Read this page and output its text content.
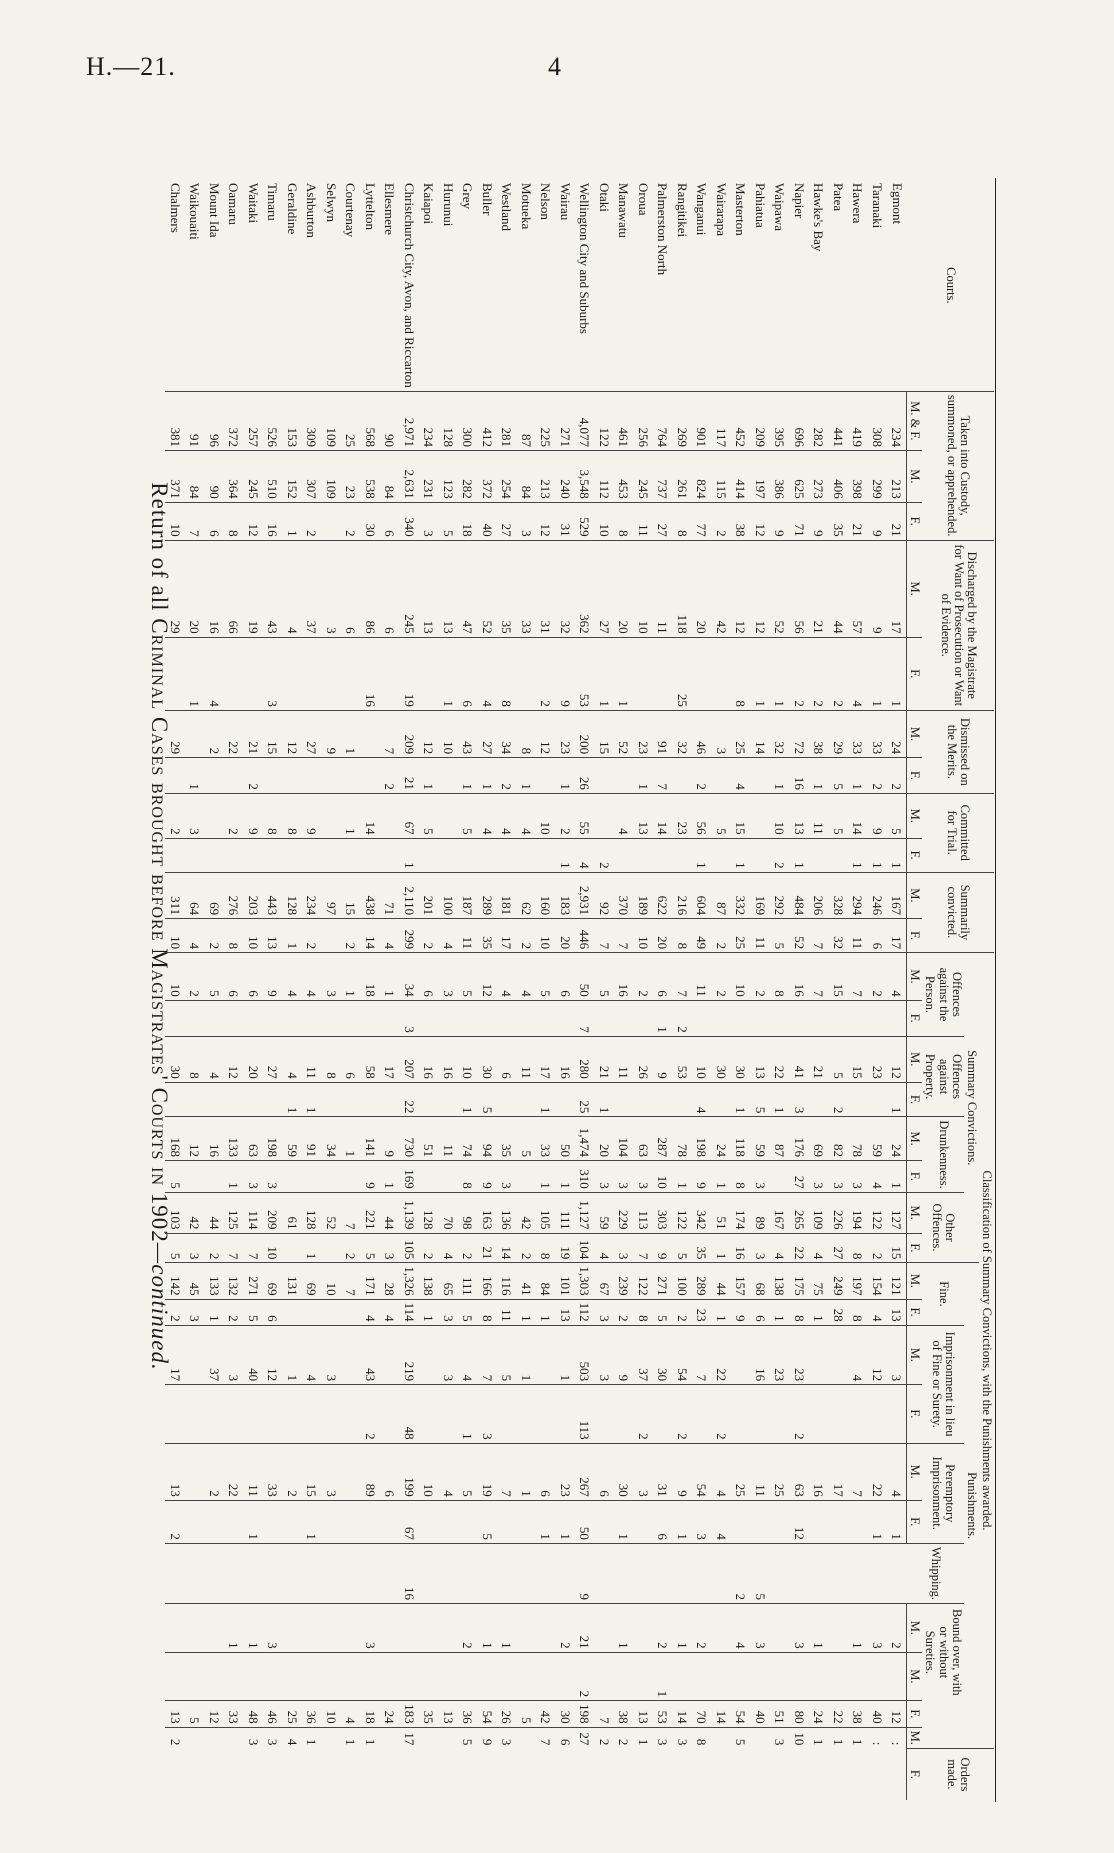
H.—21.	4
Return of all Criminal Cases brought before Magistrates' Courts in 1902—continued.
Courts.	Taken into Custody, summoned, or apprehended.			Discharged by the Magistrate for Want of Prosecution or Want of Evidence.		Dismissed on the Merits.		Committed for Trial.		Summarily convicted.		Classification of Summary Convictions, with the Punishments awarded.																			Orders made.
												Summary Convictions.								Punishments.											
												Offences against the Person.		Offences against Property.		Drunkenness.		Other Offences.		Fine.		Imprisonment in lieu of Fine or Surety.		Peremptory Imprisonment.		Whipping.	Bound over, with or without Sureties.				
	M. & F.	M.	F.	M.	F.	M.	F.	M.	F.	M.	F.	M.	F.	M.	F.	M.	F.	M.	F.	M.	F.	M.	F.	M.	F.		M.	M.	F.	M.	F.
Egmont	234	213	21	17	1	24	2	5	1	167	17	4		12	1	24	1	127	15	121	13	3		4	1		2		12	:	
Taranaki	308	299	9	9	1	33	2	9	1	246	6	2		23		59	4	122	2	154	4	12		22	1		3		40	:	
Hawera	419	398	21	57	4	33	1	14	1	294	11	7		15		78	3	194	8	197	8	4		7			1		38	1	
Patea	441	406	35	44	2	29	5	5		328	32	15		5	2	82	3	226	27	249	28			17					22	1	
Hawke's Bay	282	273	9	21	2	38	1	11		206	7	7		21		69	3	109	4	75	1			16			1		24	1	
Napier	696	625	71	56	2	72	16	13	1	484	52	16		41	3	176	27	265	22	175	8	23	2	63	12		3		80	10	
Waipawa	395	386	9	52	1	32	1	10	2	292	5	8		22	1	87		167	4	138	1	23		25					51	3	
Pahiatua	209	197	12	12	1	14				169	11	2		13	5	59	3	89	3	68	6	16		11		5	3		40		
Masterton	452	414	38	12	8	25	4	15	1	332	25	10		30	1	118	8	174	16	157	9			25		2	4		54	5	
Wairarapa	117	115	2	42		3		5		87	2	2		30		24	1	51	1	44	1	22	2	4	4				14		
Wanganui	901	824	77	20		46	2	56	1	604	49	11		10	4	198	9	342	35	289	23	7		54	3		2		70	8	
Rangitikei	269	261	8	118	25	32		23		216	8	7	2	53		78	1	122	5	100	2	54	2	9	1		1		14	3	
Palmerston North	764	737	27	11		91	7	14		622	20	6	1	9		287	10	303	9	271	5	30		31	6		2	1	53	3	
Oroua	256	245	11	10		23	1	13		189	10	2		26		63	3	113	7	122	8	37	2	3					13	1	
Manawatu	461	453	8	20	1	52		4		370	7	16		11		104	3	229	3	239	2	9		30	1		1		38	2	
Otaki	122	112	10	27	1	15			2	92	7	5		21	1	20	3	59	4	67	3	3		6					7	2	
Wellington City and Suburbs	4,077	3,548	529	362	53	200	26	55	4	2,931	446	50	7	280	25	1,474	310	1,127	104	1,303	112	503	113	267	50	9	21	2	198	27	
Wairau	271	240	31	32	9	23	1	2	1	183	20	6		16		50	1	111	19	101	13	1		23	1		2		30	6	
Nelson	225	213	12	31	2	12		10		160	10	5		17	1	33	1	105	8	84	1			6	1				42	7	
Motueka	87	84	3	33		8	1	4		62	2	4		11		5		42	2	41	1	1		1					5		
Westland	281	254	27	35	8	34	2	4		181	17	4		6		35	3	136	14	116	11	5		7			1		26	3	
Buller	412	372	40	52	4	27	1	4		289	35	12		30	5	94	9	163	21	166	8	7	3	19	5		1		54	9	
Grey	300	282	18	47	6	43	1	5		187	11	5		10	1	74	8	98	2	111	5	4	1	5			2		36	5	
Hurunui	128	123	5	13	1	10				100	4	3		16		11		70	4	65	3	3		4					13		
Kaiapoi	234	231	3	13		12	1	5		201	2	6		16		51		128	2	138	1			10					35		
Christchurch City, Avon, and Riccarton	2,971	2,631	340	245	19	209	21	67	1	2,110	299	34	3	207	22	730	169	1,139	105	1,326	114	219	48	199	67	16			183	17	
Ellesmere	90	84	6	6		7	2			71	4	1		17		9	1	44	3	28	4			6					24		
Lyttelton	568	538	30	86	16			14		438	14	18		58		141	9	221	5	171	4	43	2	89			3		18	1	
Courtenay	25	23	2	6		1		1		15	2	1		6		1		7	2	7									4	1	
Selwyn	109	109		3		9				97		3		8		34		52		10		3		3					10		
Ashburton	309	307	2	37		27		9		234	2	4		11	1	91		128	1	69		4		15	1				36	1	
Geraldine	153	152	1	4		12		8		128	1	4		4	1	59		61		131		1		2					25	4	
Timaru	526	510	16	43	3	15		8		443	13	9		27		198	3	209	10	69	6	12		33			3		46	3	
Waitaki	257	245	12	19		21	2	9		203	10	6		20		63	3	114	7	271	5	40		11	1		1		48	3	
Oamaru	372	364	8	66		22		2		276	8	6		12		133	1	125	7	132	2	3		22			1		33		
Mount Ida	96	90	6	16	4	2				69	2	5		4		16		44	2	133	1	37		2					12		
Waikouaiti	91	84	7	20	1		1	3		64	4	2		8		12		42	3	45	3								5		
Chalmers	381	371	10	29		29		2		311	10	10		30		168	5	103	5	142	2	17		13	2				13	2	
